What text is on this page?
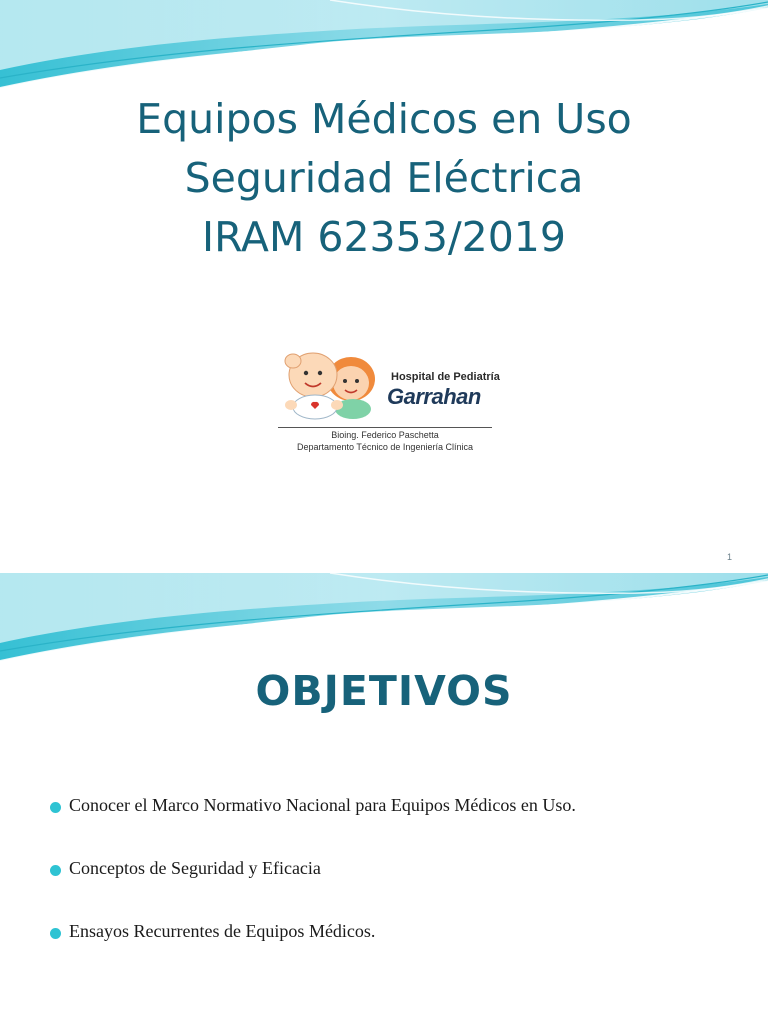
Equipos Médicos en Uso
Seguridad Eléctrica
IRAM 62353/2019
Hospital de Pediatría
Garrahan
Bioing. Federico Paschetta
Departamento Técnico de Ingeniería Clínica
1
OBJETIVOS
Conocer el Marco Normativo Nacional para Equipos Médicos en Uso.
Conceptos de Seguridad y Eficacia
Ensayos Recurrentes de Equipos Médicos.
